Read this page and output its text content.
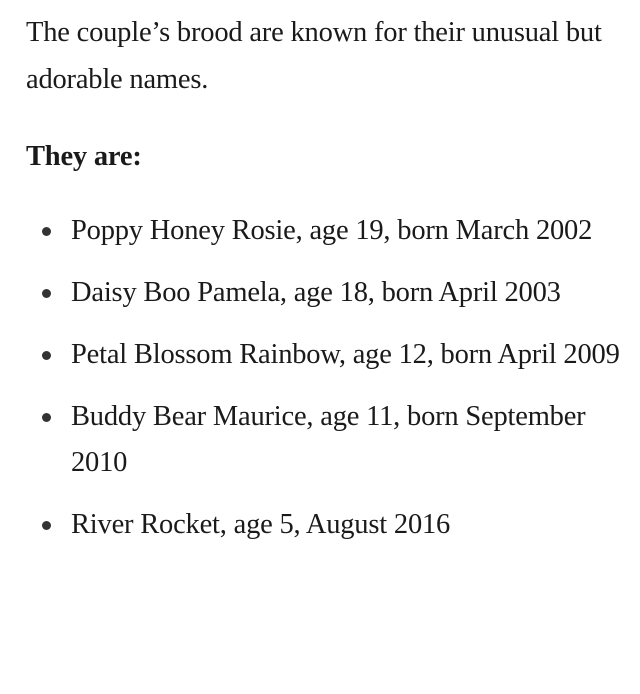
The couple’s brood are known for their unusual but adorable names.

They are:

Poppy Honey Rosie, age 19, born March 2002
Daisy Boo Pamela, age 18, born April 2003
Petal Blossom Rainbow, age 12, born April 2009
Buddy Bear Maurice, age 11, born September 2010
River Rocket, age 5, August 2016
